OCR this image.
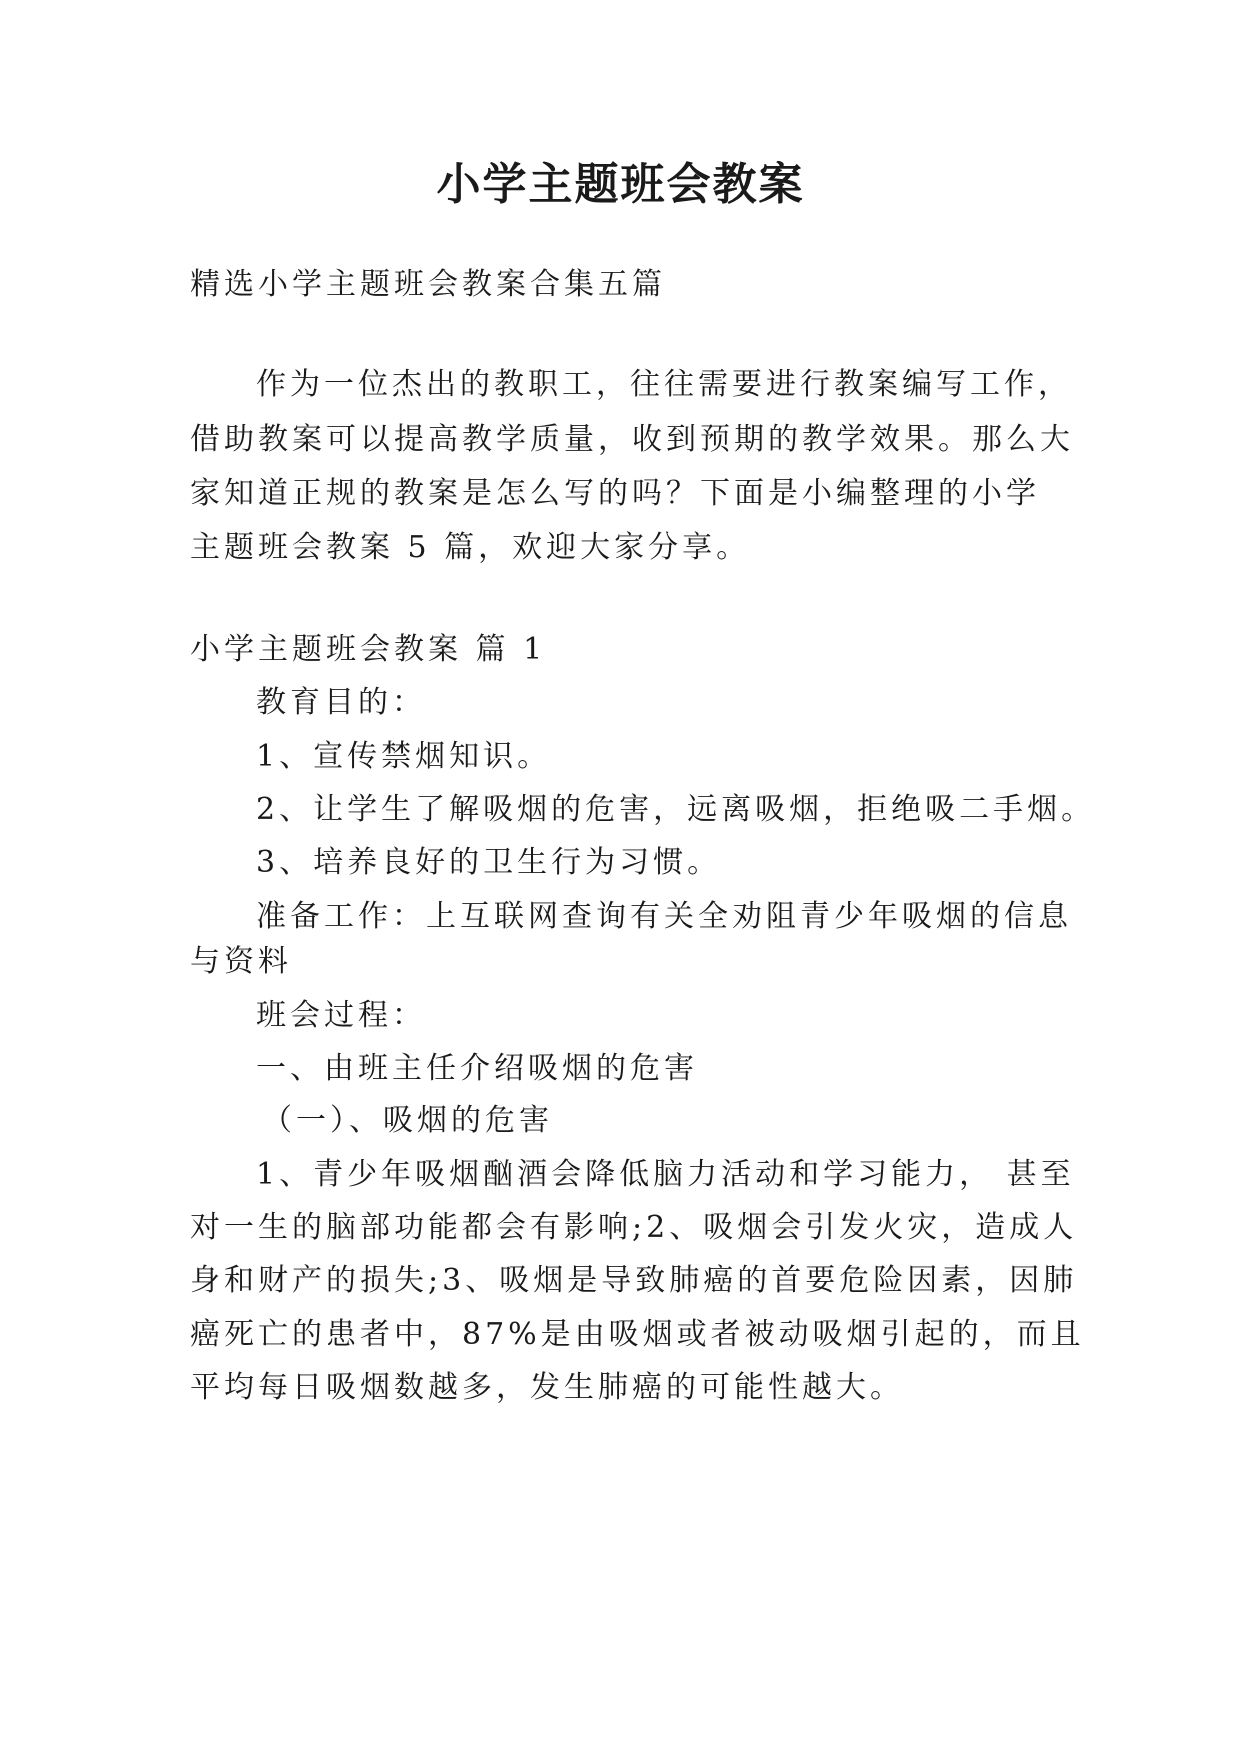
小学主题班会教案
精选小学主题班会教案合集五篇
作为一位杰出的教职工，往往需要进行教案编写工作，
借助教案可以提高教学质量，收到预期的教学效果。那么大
家知道正规的教案是怎么写的吗？下面是小编整理的小学
主题班会教案 5 篇，欢迎大家分享。
小学主题班会教案 篇 1
教育目的：
1、宣传禁烟知识。
2、让学生了解吸烟的危害，远离吸烟，拒绝吸二手烟。
3、培养良好的卫生行为习惯。
准备工作：上互联网查询有关全劝阻青少年吸烟的信息
与资料
班会过程：
一、由班主任介绍吸烟的危害
（一）、吸烟的危害
1、青少年吸烟酗酒会降低脑力活动和学习能力， 甚至
对一生的脑部功能都会有影响;2、吸烟会引发火灾，造成人
身和财产的损失;3、吸烟是导致肺癌的首要危险因素，因肺
癌死亡的患者中，87%是由吸烟或者被动吸烟引起的，而且
平均每日吸烟数越多，发生肺癌的可能性越大。
